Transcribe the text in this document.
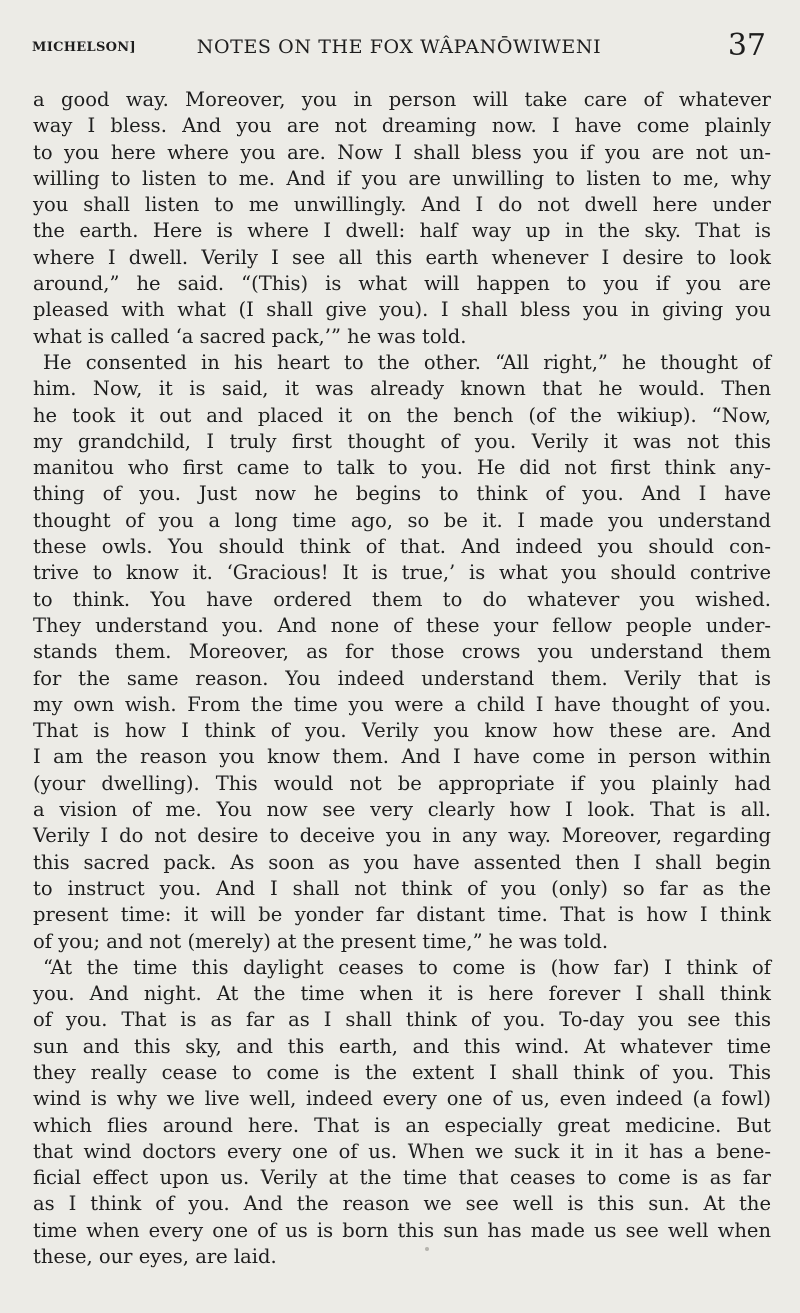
MICHELSON]	NOTES ON THE FOX WÂPANŌWIWENI	37
a good way. Moreover, you in person will take care of whatever
way I bless. And you are not dreaming now. I have come plainly
to you here where you are. Now I shall bless you if you are not un-
willing to listen to me. And if you are unwilling to listen to me, why
you shall listen to me unwillingly. And I do not dwell here under
the earth. Here is where I dwell: half way up in the sky. That is
where I dwell. Verily I see all this earth whenever I desire to look
around,” he said. “(This) is what will happen to you if you are
pleased with what (I shall give you). I shall bless you in giving you
what is called ‘a sacred pack,’” he was told.
He consented in his heart to the other. “All right,” he thought of
him. Now, it is said, it was already known that he would. Then
he took it out and placed it on the bench (of the wikiup). “Now,
my grandchild, I truly first thought of you. Verily it was not this
manitou who first came to talk to you. He did not first think any-
thing of you. Just now he begins to think of you. And I have
thought of you a long time ago, so be it. I made you understand
these owls. You should think of that. And indeed you should con-
trive to know it. ‘Gracious! It is true,’ is what you should contrive
to think. You have ordered them to do whatever you wished.
They understand you. And none of these your fellow people under-
stands them. Moreover, as for those crows you understand them
for the same reason. You indeed understand them. Verily that is
my own wish. From the time you were a child I have thought of you.
That is how I think of you. Verily you know how these are. And
I am the reason you know them. And I have come in person within
(your dwelling). This would not be appropriate if you plainly had
a vision of me. You now see very clearly how I look. That is all.
Verily I do not desire to deceive you in any way. Moreover, regarding
this sacred pack. As soon as you have assented then I shall begin
to instruct you. And I shall not think of you (only) so far as the
present time: it will be yonder far distant time. That is how I think
of you; and not (merely) at the present time,” he was told.
“At the time this daylight ceases to come is (how far) I think of
you. And night. At the time when it is here forever I shall think
of you. That is as far as I shall think of you. To-day you see this
sun and this sky, and this earth, and this wind. At whatever time
they really cease to come is the extent I shall think of you. This
wind is why we live well, indeed every one of us, even indeed (a fowl)
which flies around here. That is an especially great medicine. But
that wind doctors every one of us. When we suck it in it has a bene-
ficial effect upon us. Verily at the time that ceases to come is as far
as I think of you. And the reason we see well is this sun. At the
time when every one of us is born this sun has made us see well when
these, our eyes, are laid.
